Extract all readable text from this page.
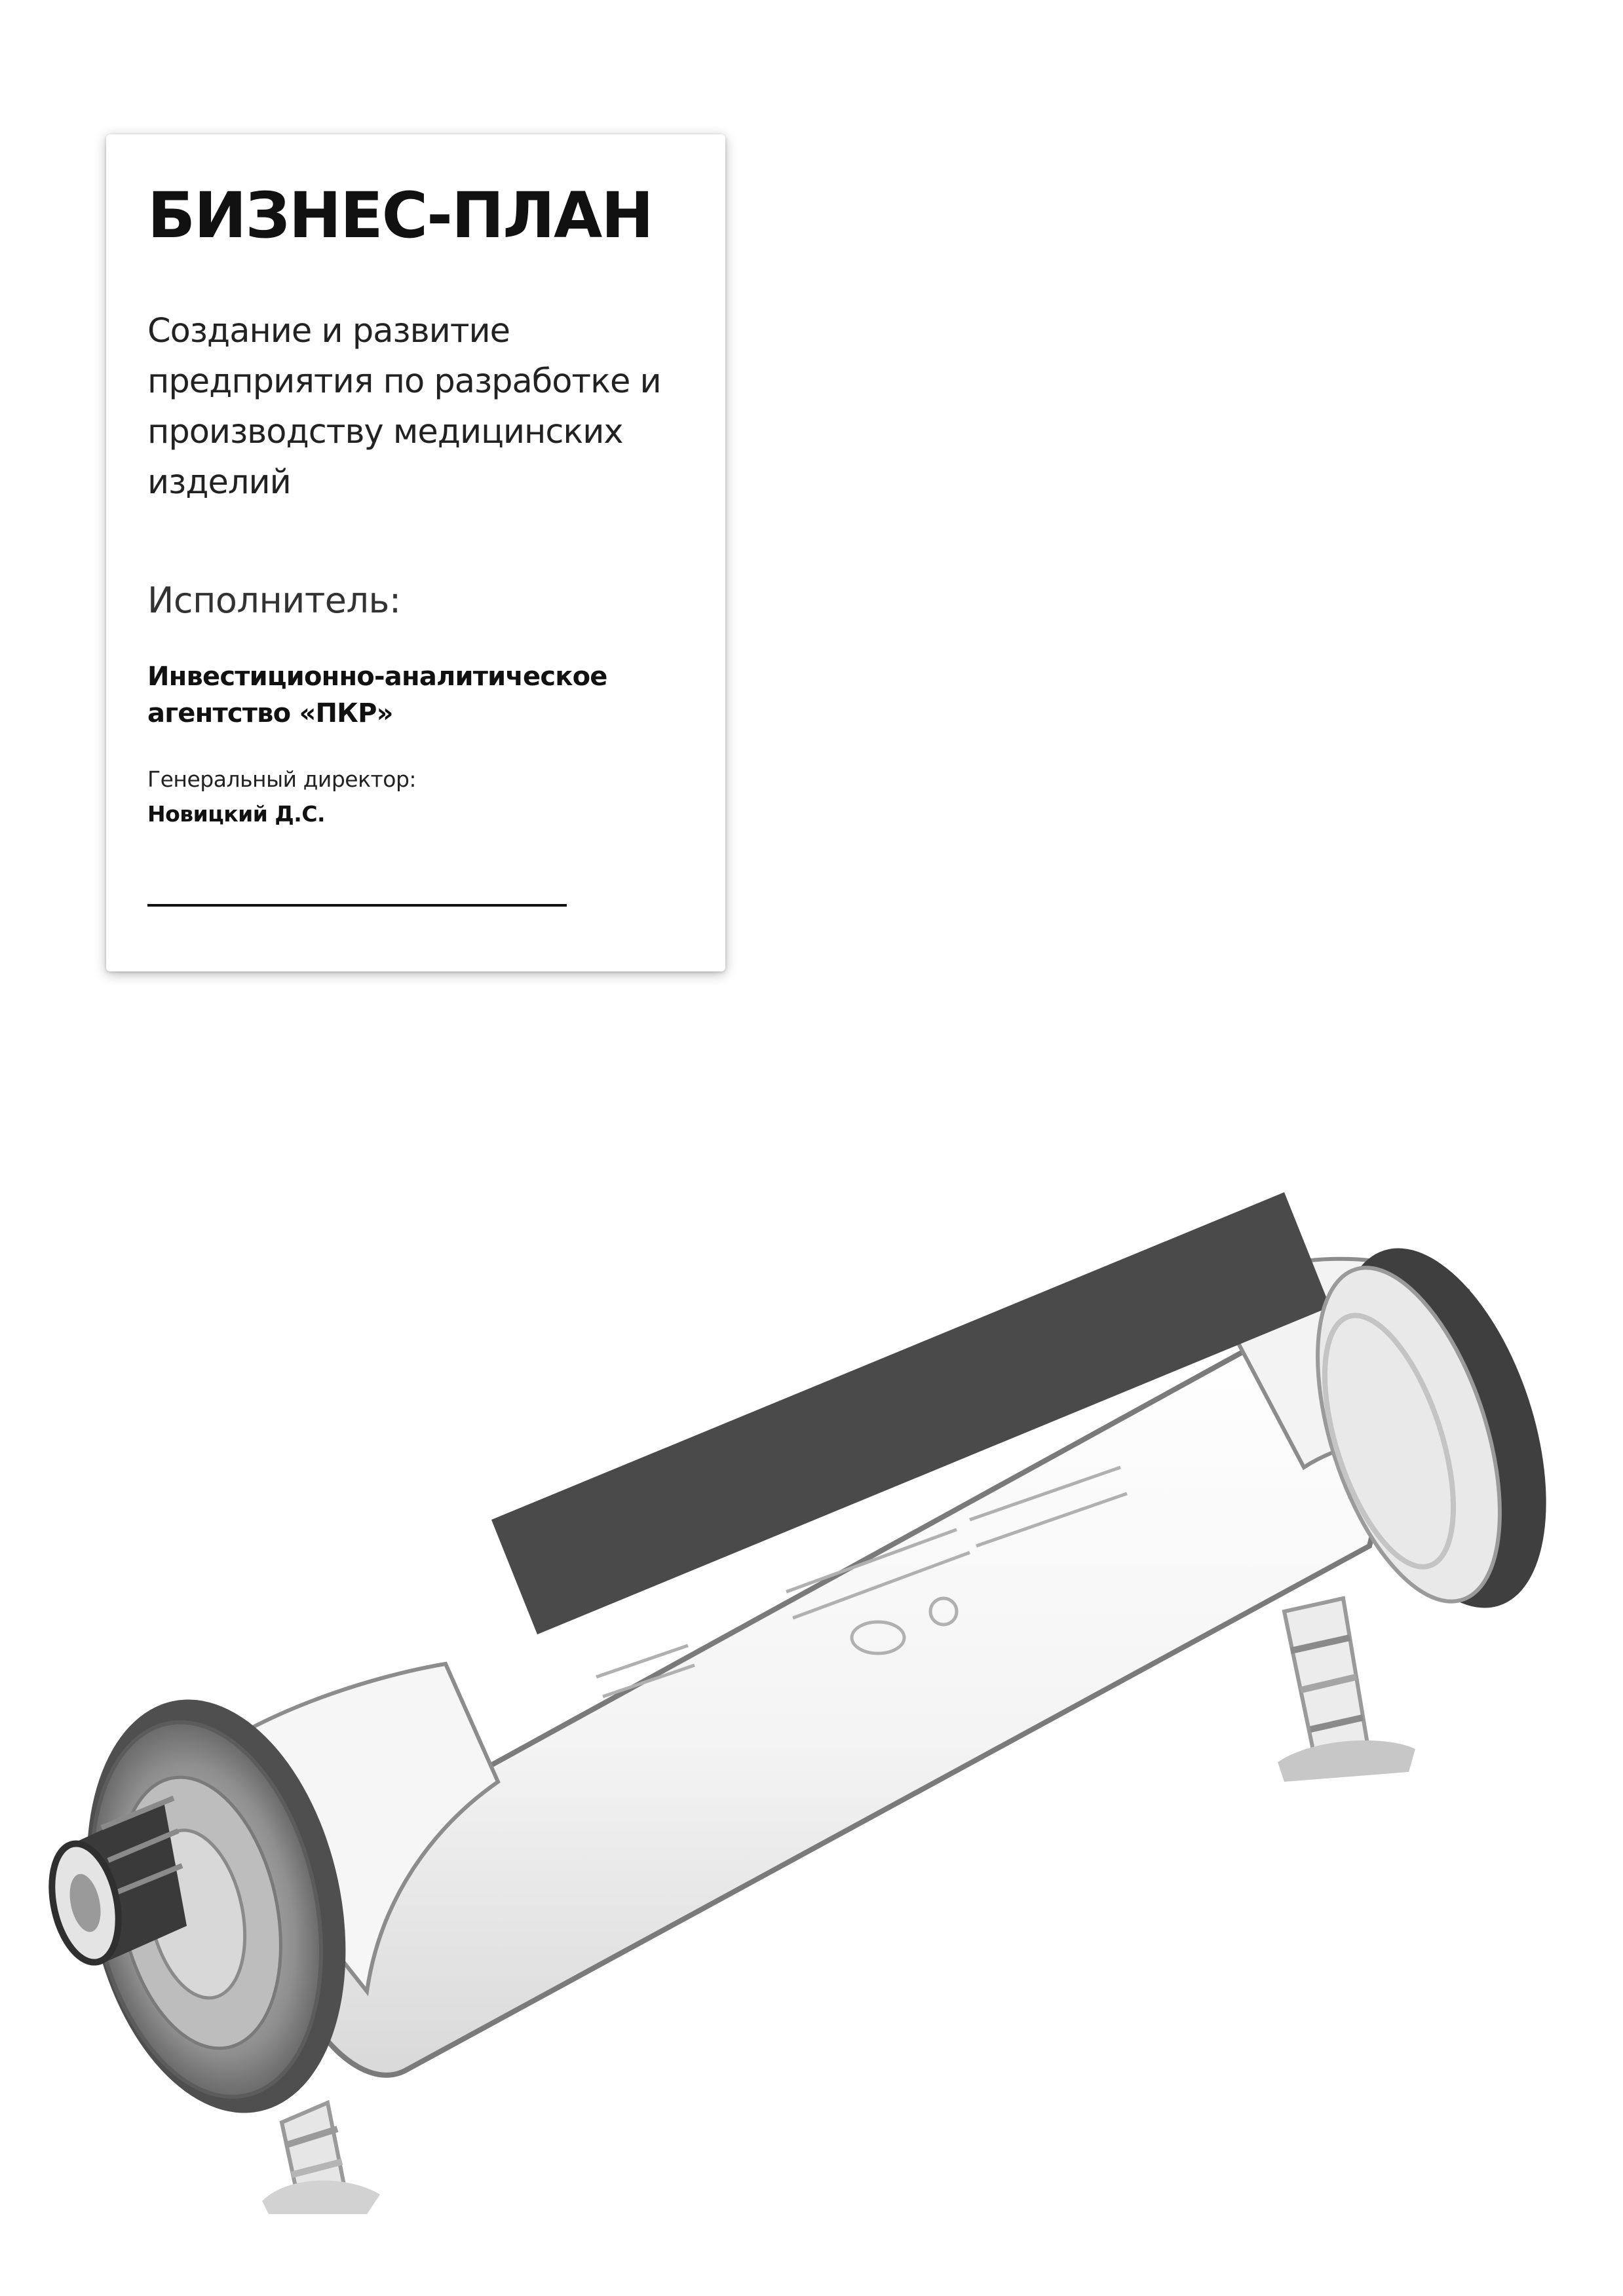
БИЗНЕС-ПЛАН

Создание и развитие предприятия по разработке и производству медицинских изделий

Исполнитель:

Инвестиционно-аналитическое агентство «ПКР»

Генеральный директор:

Новицкий Д.С.
